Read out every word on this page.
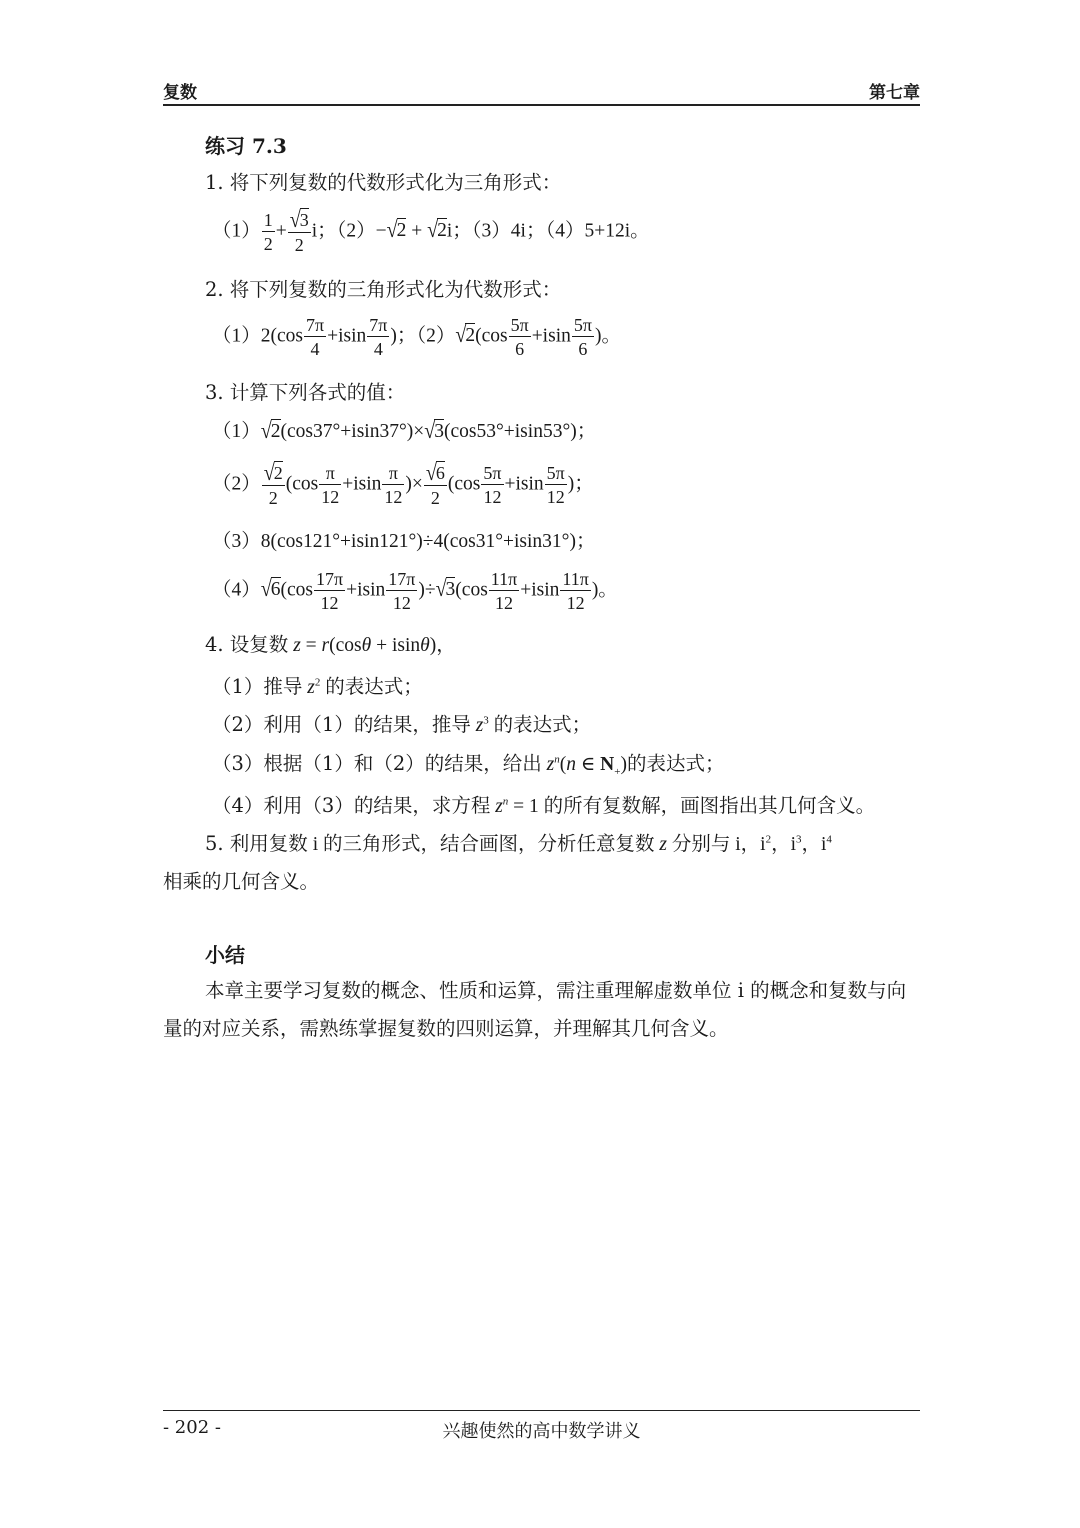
复数	第七章
练习 7.3
1. 将下列复数的代数形式化为三角形式：
$(1) \frac{1}{2} + \frac{√3}{2}$ i；（2）−√2 + √2i；（3）4i；（4）5+12i。
2. 将下列复数的三角形式化为代数形式：
$(1)2(\cos \frac{7\pi}{4} +isin \frac{7\pi}{4}$ )；$(2)√2(\cos \frac{5\pi}{6} +isin \frac{5\pi}{6}$ )。
3. 计算下列各式的值：
（1）√2(cos37°+isin37°)×√3(cos53°+isin53°)；
$(2) \frac{√2}{2} (\cos \frac{\pi}{12} +isin \frac{\pi}{12}$ )× $\frac{√6}{2} (\cos \frac{5\pi}{12} +isin \frac{5\pi}{12}$ )；
（3）8(cos121°+isin121°)÷4(cos31°+isin31°)；
$(4)√6(\cos \frac{17\pi}{12} +isin \frac{17\pi}{12} )\div√3(\cos \frac{11\pi}{12} +isin \frac{11\pi}{12}$ )。
4. 设复数 z = r(cosθ + isinθ)，
（1）推导 $z^2$ 的表达式；
（2）利用（1）的结果，推导 $z^3$ 的表达式；
（3）根据（1）和（2）的结果，给出 $z^n(n$ ∈ $N_+$)的表达式；
（4）利用（3）的结果，求方程 $z^n = 1$ 的所有复数解，画图指出其几何含义。
5. 利用复数 i 的三角形式，结合画图，分析任意复数 z 分别与 i，$i^2$，$i^3$，$i^4$
相乘的几何含义。
小结
本章主要学习复数的概念、性质和运算，需注重理解虚数单位 i 的概念和复数与向量的对应关系，需熟练掌握复数的四则运算，并理解其几何含义。
- 202 -	兴趣使然的高中数学讲义
